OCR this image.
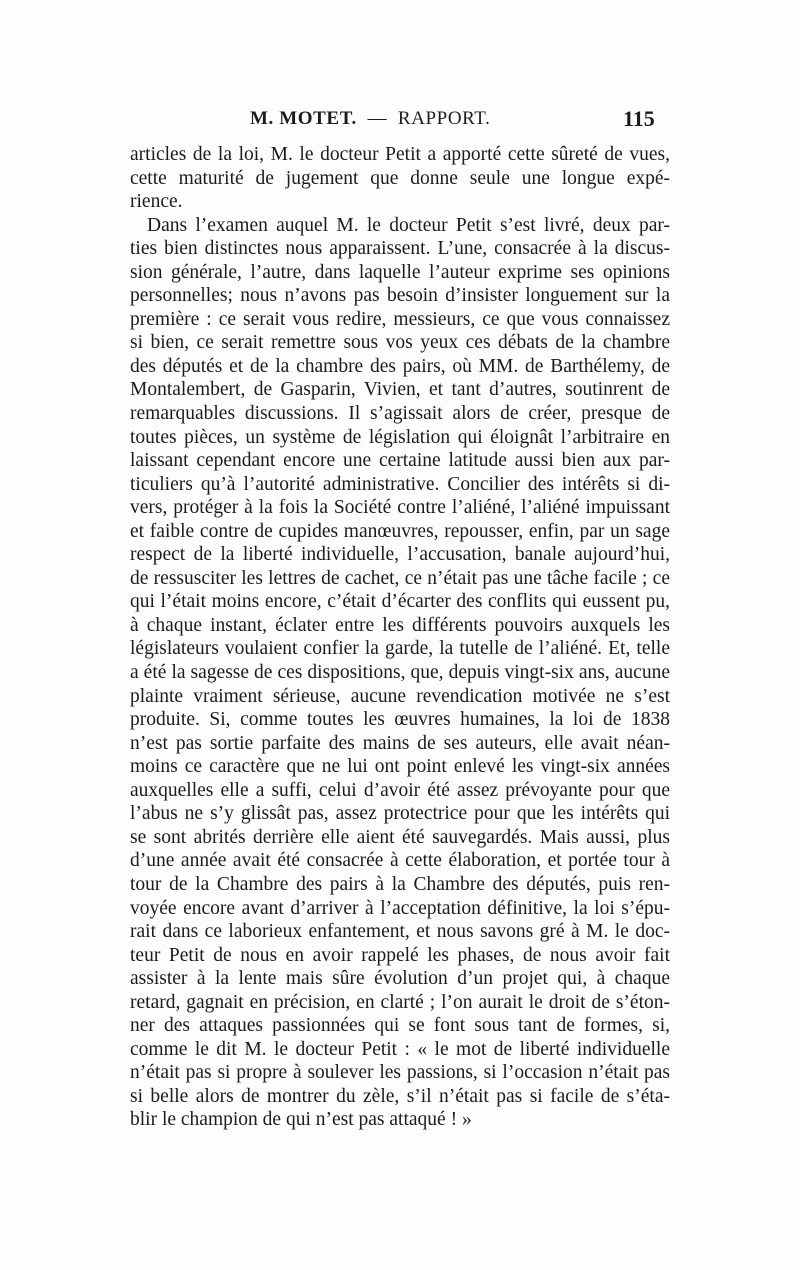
M. MOTET. — RAPPORT.	115
articles de la loi, M. le docteur Petit a apporté cette sûreté de vues,
cette maturité de jugement que donne seule une longue expé-
rience.
Dans l’examen auquel M. le docteur Petit s’est livré, deux par-
ties bien distinctes nous apparaissent. L’une, consacrée à la discus-
sion générale, l’autre, dans laquelle l’auteur exprime ses opinions
personnelles; nous n’avons pas besoin d’insister longuement sur la
première : ce serait vous redire, messieurs, ce que vous connaissez
si bien, ce serait remettre sous vos yeux ces débats de la chambre
des députés et de la chambre des pairs, où MM. de Barthélemy, de
Montalembert, de Gasparin, Vivien, et tant d’autres, soutinrent de
remarquables discussions. Il s’agissait alors de créer, presque de
toutes pièces, un système de législation qui éloignât l’arbitraire en
laissant cependant encore une certaine latitude aussi bien aux par-
ticuliers qu’à l’autorité administrative. Concilier des intérêts si di-
vers, protéger à la fois la Société contre l’aliéné, l’aliéné impuissant
et faible contre de cupides manœuvres, repousser, enfin, par un sage
respect de la liberté individuelle, l’accusation, banale aujourd’hui,
de ressusciter les lettres de cachet, ce n’était pas une tâche facile ; ce
qui l’était moins encore, c’était d’écarter des conflits qui eussent pu,
à chaque instant, éclater entre les différents pouvoirs auxquels les
législateurs voulaient confier la garde, la tutelle de l’aliéné. Et, telle
a été la sagesse de ces dispositions, que, depuis vingt-six ans, aucune
plainte vraiment sérieuse, aucune revendication motivée ne s’est
produite. Si, comme toutes les œuvres humaines, la loi de 1838
n’est pas sortie parfaite des mains de ses auteurs, elle avait néan-
moins ce caractère que ne lui ont point enlevé les vingt-six années
auxquelles elle a suffi, celui d’avoir été assez prévoyante pour que
l’abus ne s’y glissât pas, assez protectrice pour que les intérêts qui
se sont abrités derrière elle aient été sauvegardés. Mais aussi, plus
d’une année avait été consacrée à cette élaboration, et portée tour à
tour de la Chambre des pairs à la Chambre des députés, puis ren-
voyée encore avant d’arriver à l’acceptation définitive, la loi s’épu-
rait dans ce laborieux enfantement, et nous savons gré à M. le doc-
teur Petit de nous en avoir rappelé les phases, de nous avoir fait
assister à la lente mais sûre évolution d’un projet qui, à chaque
retard, gagnait en précision, en clarté ; l’on aurait le droit de s’éton-
ner des attaques passionnées qui se font sous tant de formes, si,
comme le dit M. le docteur Petit : « le mot de liberté individuelle
n’était pas si propre à soulever les passions, si l’occasion n’était pas
si belle alors de montrer du zèle, s’il n’était pas si facile de s’éta-
blir le champion de qui n’est pas attaqué ! »
